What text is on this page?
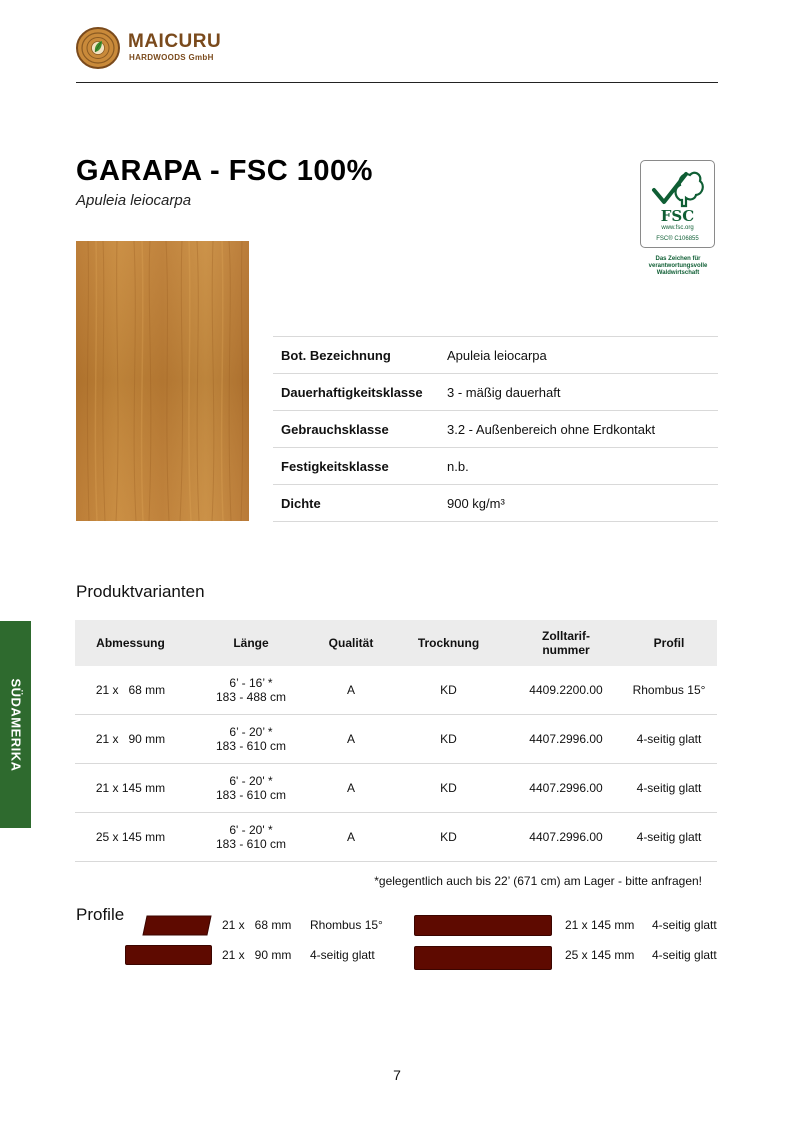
MAICURU
HARDWOODS GmbH
GARAPA - FSC 100%
Apuleia leiocarpa
FSC
www.fsc.org
FSC® C106855
Das Zeichen für
verantwortungsvolle
Waldwirtschaft
Bot. Bezeichnung	Apuleia leiocarpa
Dauerhaftigkeitsklasse	3 - mäßig dauerhaft
Gebrauchsklasse	3.2 - Außenbereich ohne Erdkontakt
Festigkeitsklasse	n.b.
Dichte	900 kg/m³
Produktvarianten
Abmessung	Länge	Qualität	Trocknung	Zolltarif-
nummer	Profil
21 x   68 mm	6’ - 16’ *
183 - 488 cm	A	KD	4409.2200.00	Rhombus 15°
21 x   90 mm	6’ - 20’ *
183 - 610 cm	A	KD	4407.2996.00	4-seitig glatt
21 x 145 mm	6' - 20' *
183 - 610 cm	A	KD	4407.2996.00	4-seitig glatt
25 x 145 mm	6' - 20' *
183 - 610 cm	A	KD	4407.2996.00	4-seitig glatt
*gelegentlich auch bis 22’ (671 cm) am Lager - bitte anfragen!
Profile
21 x   68 mm Rhombus 15°
21 x   90 mm 4-seitig glatt
21 x 145 mm 4-seitig glatt
25 x 145 mm 4-seitig glatt
SÜDAMERIKA
7
